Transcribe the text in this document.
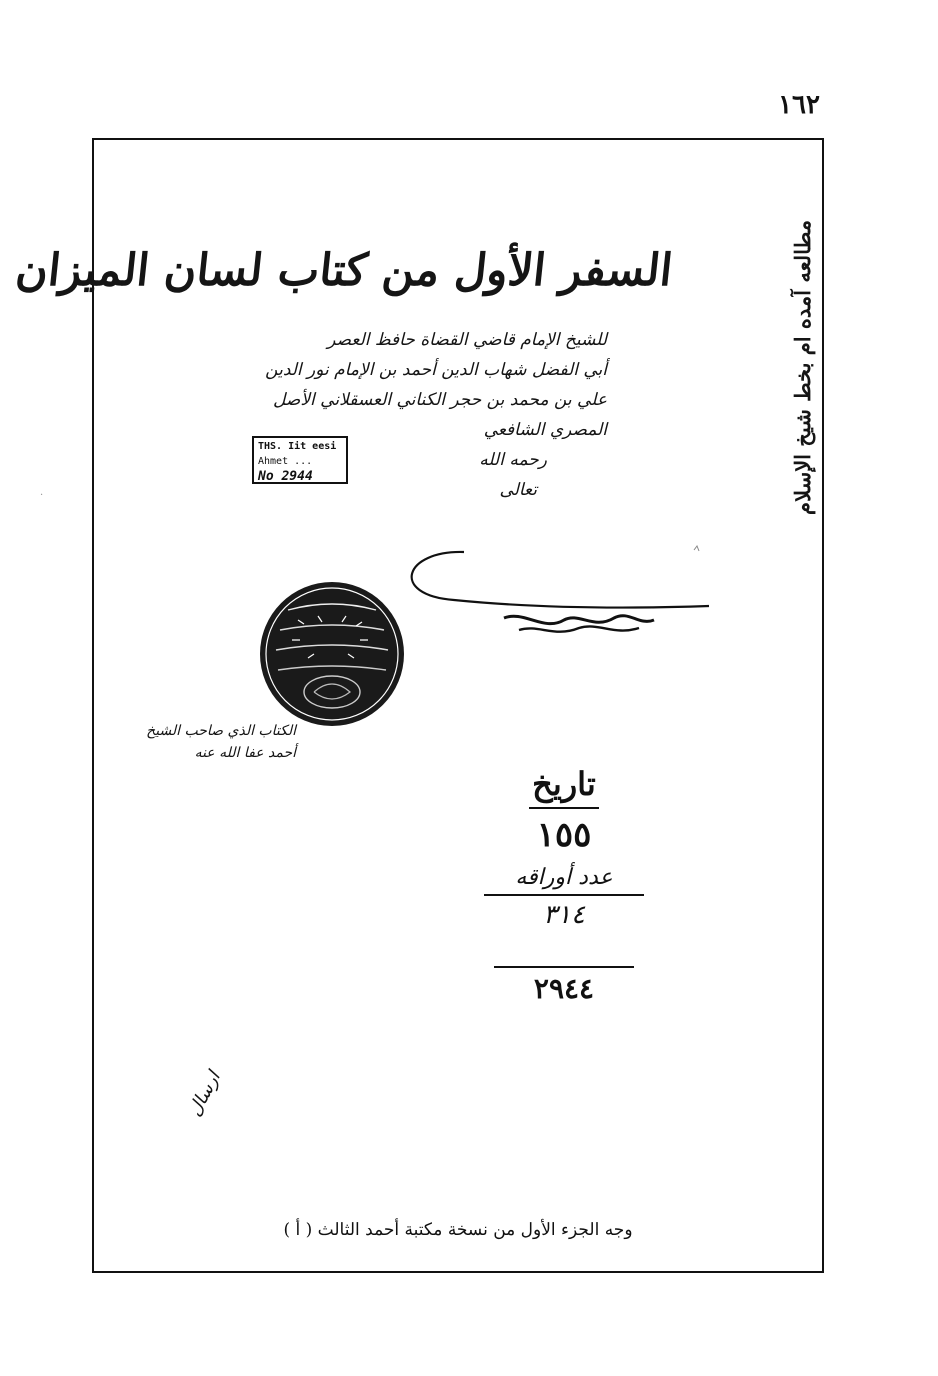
١٦٢
السفر الأول من كتاب لسان الميزان
للشيخ الإمام قاضي القضاة حافظ العصر
أبي الفضل شهاب الدين أحمد بن الإمام نور الدين
علي بن محمد بن حجر الكناني العسقلاني الأصل
المصري الشافعي
رحمه الله
تعالى	مطالعه آمده ام بخط شيخ الإسلام
THS. Iit eesi
Ahmet ...
No 2944
الكتاب الذي صاحب الشيخ
أحمد عفا الله عنه
تاريخ
١٥٥
عدد أوراقه
٣١٤
٢٩٤٤
ارسال
وجه الجزء الأول من نسخة مكتبة أحمد الثالث ( أ )
·
